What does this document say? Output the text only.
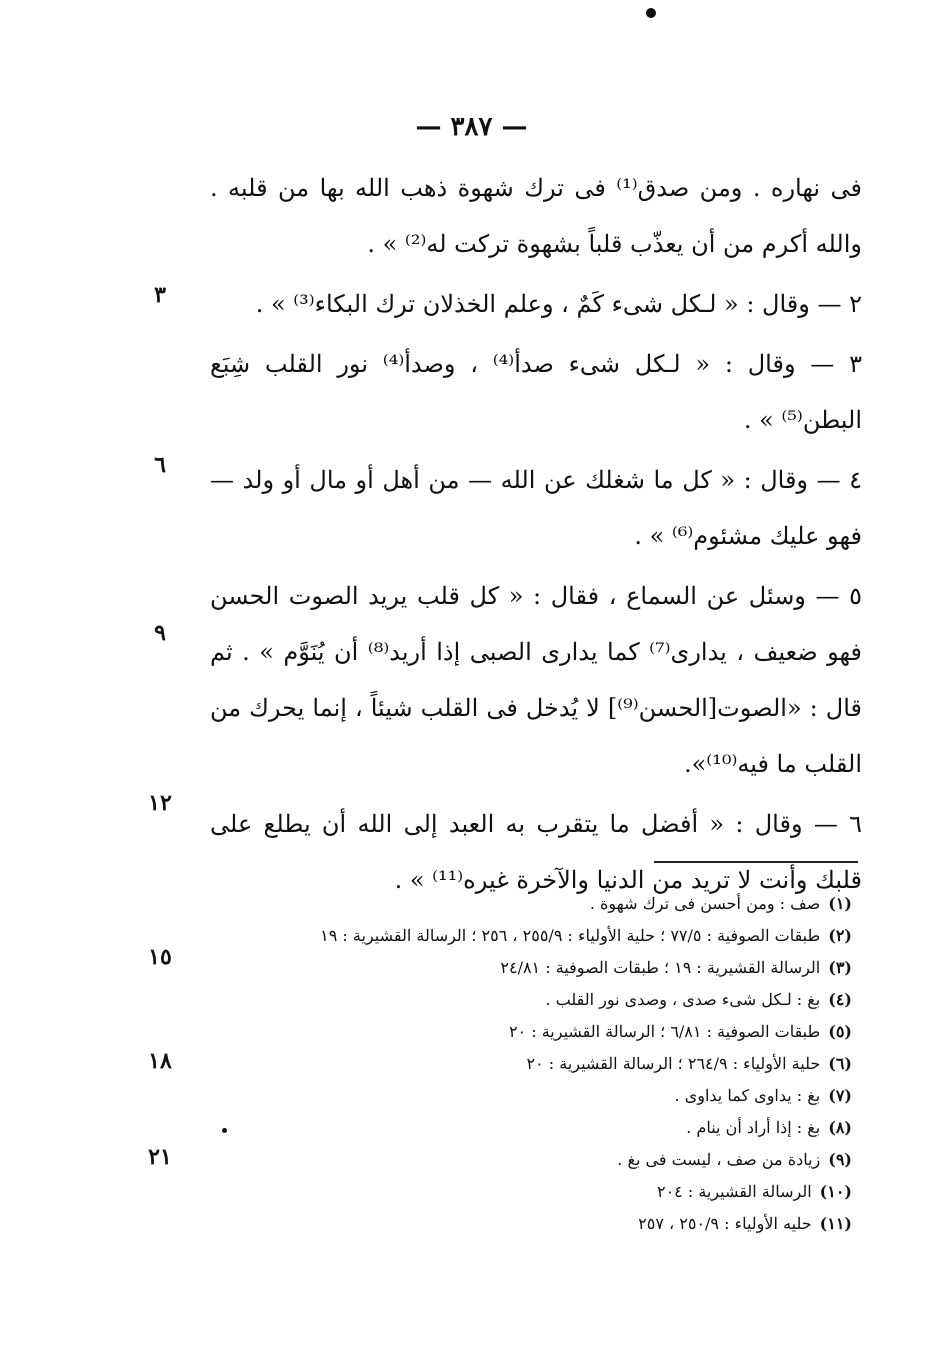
— ٣٨٧ —

فى نهاره . ومن صدق⁽¹⁾ فى ترك شهوة ذهب الله بها من قلبه . والله أكرم من أن يعذّب قلباً بشهوة تركت له⁽²⁾ » .

٢ — وقال : « لـكل شىء كَمٌ ، وعلم الخذلان ترك البكاء⁽³⁾ » .

٣ — وقال : « لـكل شىء صدأ⁽⁴⁾ ، وصدأ⁽⁴⁾ نور القلب شِبَع البطن⁽⁵⁾ » .

٤ — وقال : « كل ما شغلك عن الله — من أهل أو مال أو ولد — فهو عليك مشئوم⁽⁶⁾ » .

٥ — وسئل عن السماع ، فقال : « كل قلب يريد الصوت الحسن فهو ضعيف ، يدارى⁽⁷⁾ كما يدارى الصبى إذا أريد⁽⁸⁾ أن يُنَوَّم » . ثم قال : «الصوت[الحسن⁽⁹⁾] لا يُدخل فى القلب شيئاً ، إنما يحرك من القلب ما فيه⁽¹⁰⁾».

٦ — وقال : « أفضل ما يتقرب به العبد إلى الله أن يطلع على قلبك وأنت لا تريد من الدنيا والآخرة غيره⁽¹¹⁾ » .

٣
٦
٩
١٢
١٥
١٨
٢١
(١)صف : ومن أحسن فى ترك شهوة .
(٢)طبقات الصوفية : ٧٧/٥ ؛ حلية الأولياء : ٢٥٥/٩ ، ٢٥٦ ؛ الرسالة القشيرية : ١٩
(٣)الرسالة القشيرية : ١٩ ؛ طبقات الصوفية : ٢٤/٨١
(٤)بغ : لـكل شىء صدى ، وصدى نور القلب .
(٥)طبقات الصوفية : ٦/٨١ ؛ الرسالة القشيرية : ٢٠
(٦)حلية الأولياء : ٢٦٤/٩ ؛ الرسالة القشيرية : ٢٠
(٧)بغ : يداوى كما يداوى .
(٨)بغ : إذا أراد أن ينام .
(٩)زيادة من صف ، ليست فى بغ .
(١٠)الرسالة القشيرية : ٢٠٤
(١١)حليه الأولياء : ٢٥٠/٩ ، ٢٥٧
